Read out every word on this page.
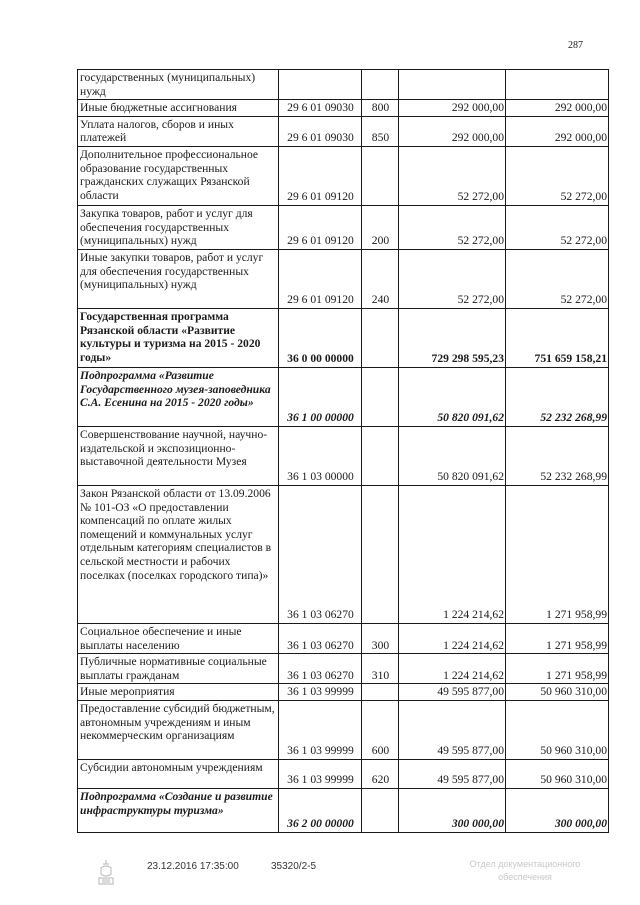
287
государственных (муниципальных) нужд				
Иные бюджетные ассигнования	29 6 01 09030	800	292 000,00	292 000,00
Уплата налогов, сборов и иных платежей	29 6 01 09030	850	292 000,00	292 000,00
Дополнительное профессиональное образование государственных гражданских служащих Рязанской области	29 6 01 09120		52 272,00	52 272,00
Закупка товаров, работ и услуг для обеспечения государственных (муниципальных) нужд	29 6 01 09120	200	52 272,00	52 272,00
Иные закупки товаров, работ и услуг для обеспечения государственных (муниципальных) нужд	29 6 01 09120	240	52 272,00	52 272,00
Государственная программа Рязанской области «Развитие культуры и туризма на 2015 - 2020 годы»	36 0 00 00000		729 298 595,23	751 659 158,21
Подпрограмма «Развитие Государственного музея-заповедника С.А. Есенина на 2015 - 2020 годы»	36 1 00 00000		50 820 091,62	52 232 268,99
Совершенствование научной, научно-издательской и экспозиционно-выставочной деятельности Музея	36 1 03 00000		50 820 091,62	52 232 268,99
Закон Рязанской области от 13.09.2006 № 101-ОЗ «О предоставлении компенсаций по оплате жилых помещений и коммунальных услуг отдельным категориям специалистов в сельской местности и рабочих поселках (поселках городского типа)»	36 1 03 06270		1 224 214,62	1 271 958,99
Социальное обеспечение и иные выплаты населению	36 1 03 06270	300	1 224 214,62	1 271 958,99
Публичные нормативные социальные выплаты гражданам	36 1 03 06270	310	1 224 214,62	1 271 958,99
Иные мероприятия	36 1 03 99999		49 595 877,00	50 960 310,00
Предоставление субсидий бюджетным, автономным учреждениям и иным некоммерческим организациям	36 1 03 99999	600	49 595 877,00	50 960 310,00
Субсидии автономным учреждениям	36 1 03 99999	620	49 595 877,00	50 960 310,00
Подпрограмма «Создание и развитие инфраструктуры туризма»	36 2 00 00000		300 000,00	300 000,00
23.12.2016 17:35:00	35320/2-5	Отдел документационного обеспечения
